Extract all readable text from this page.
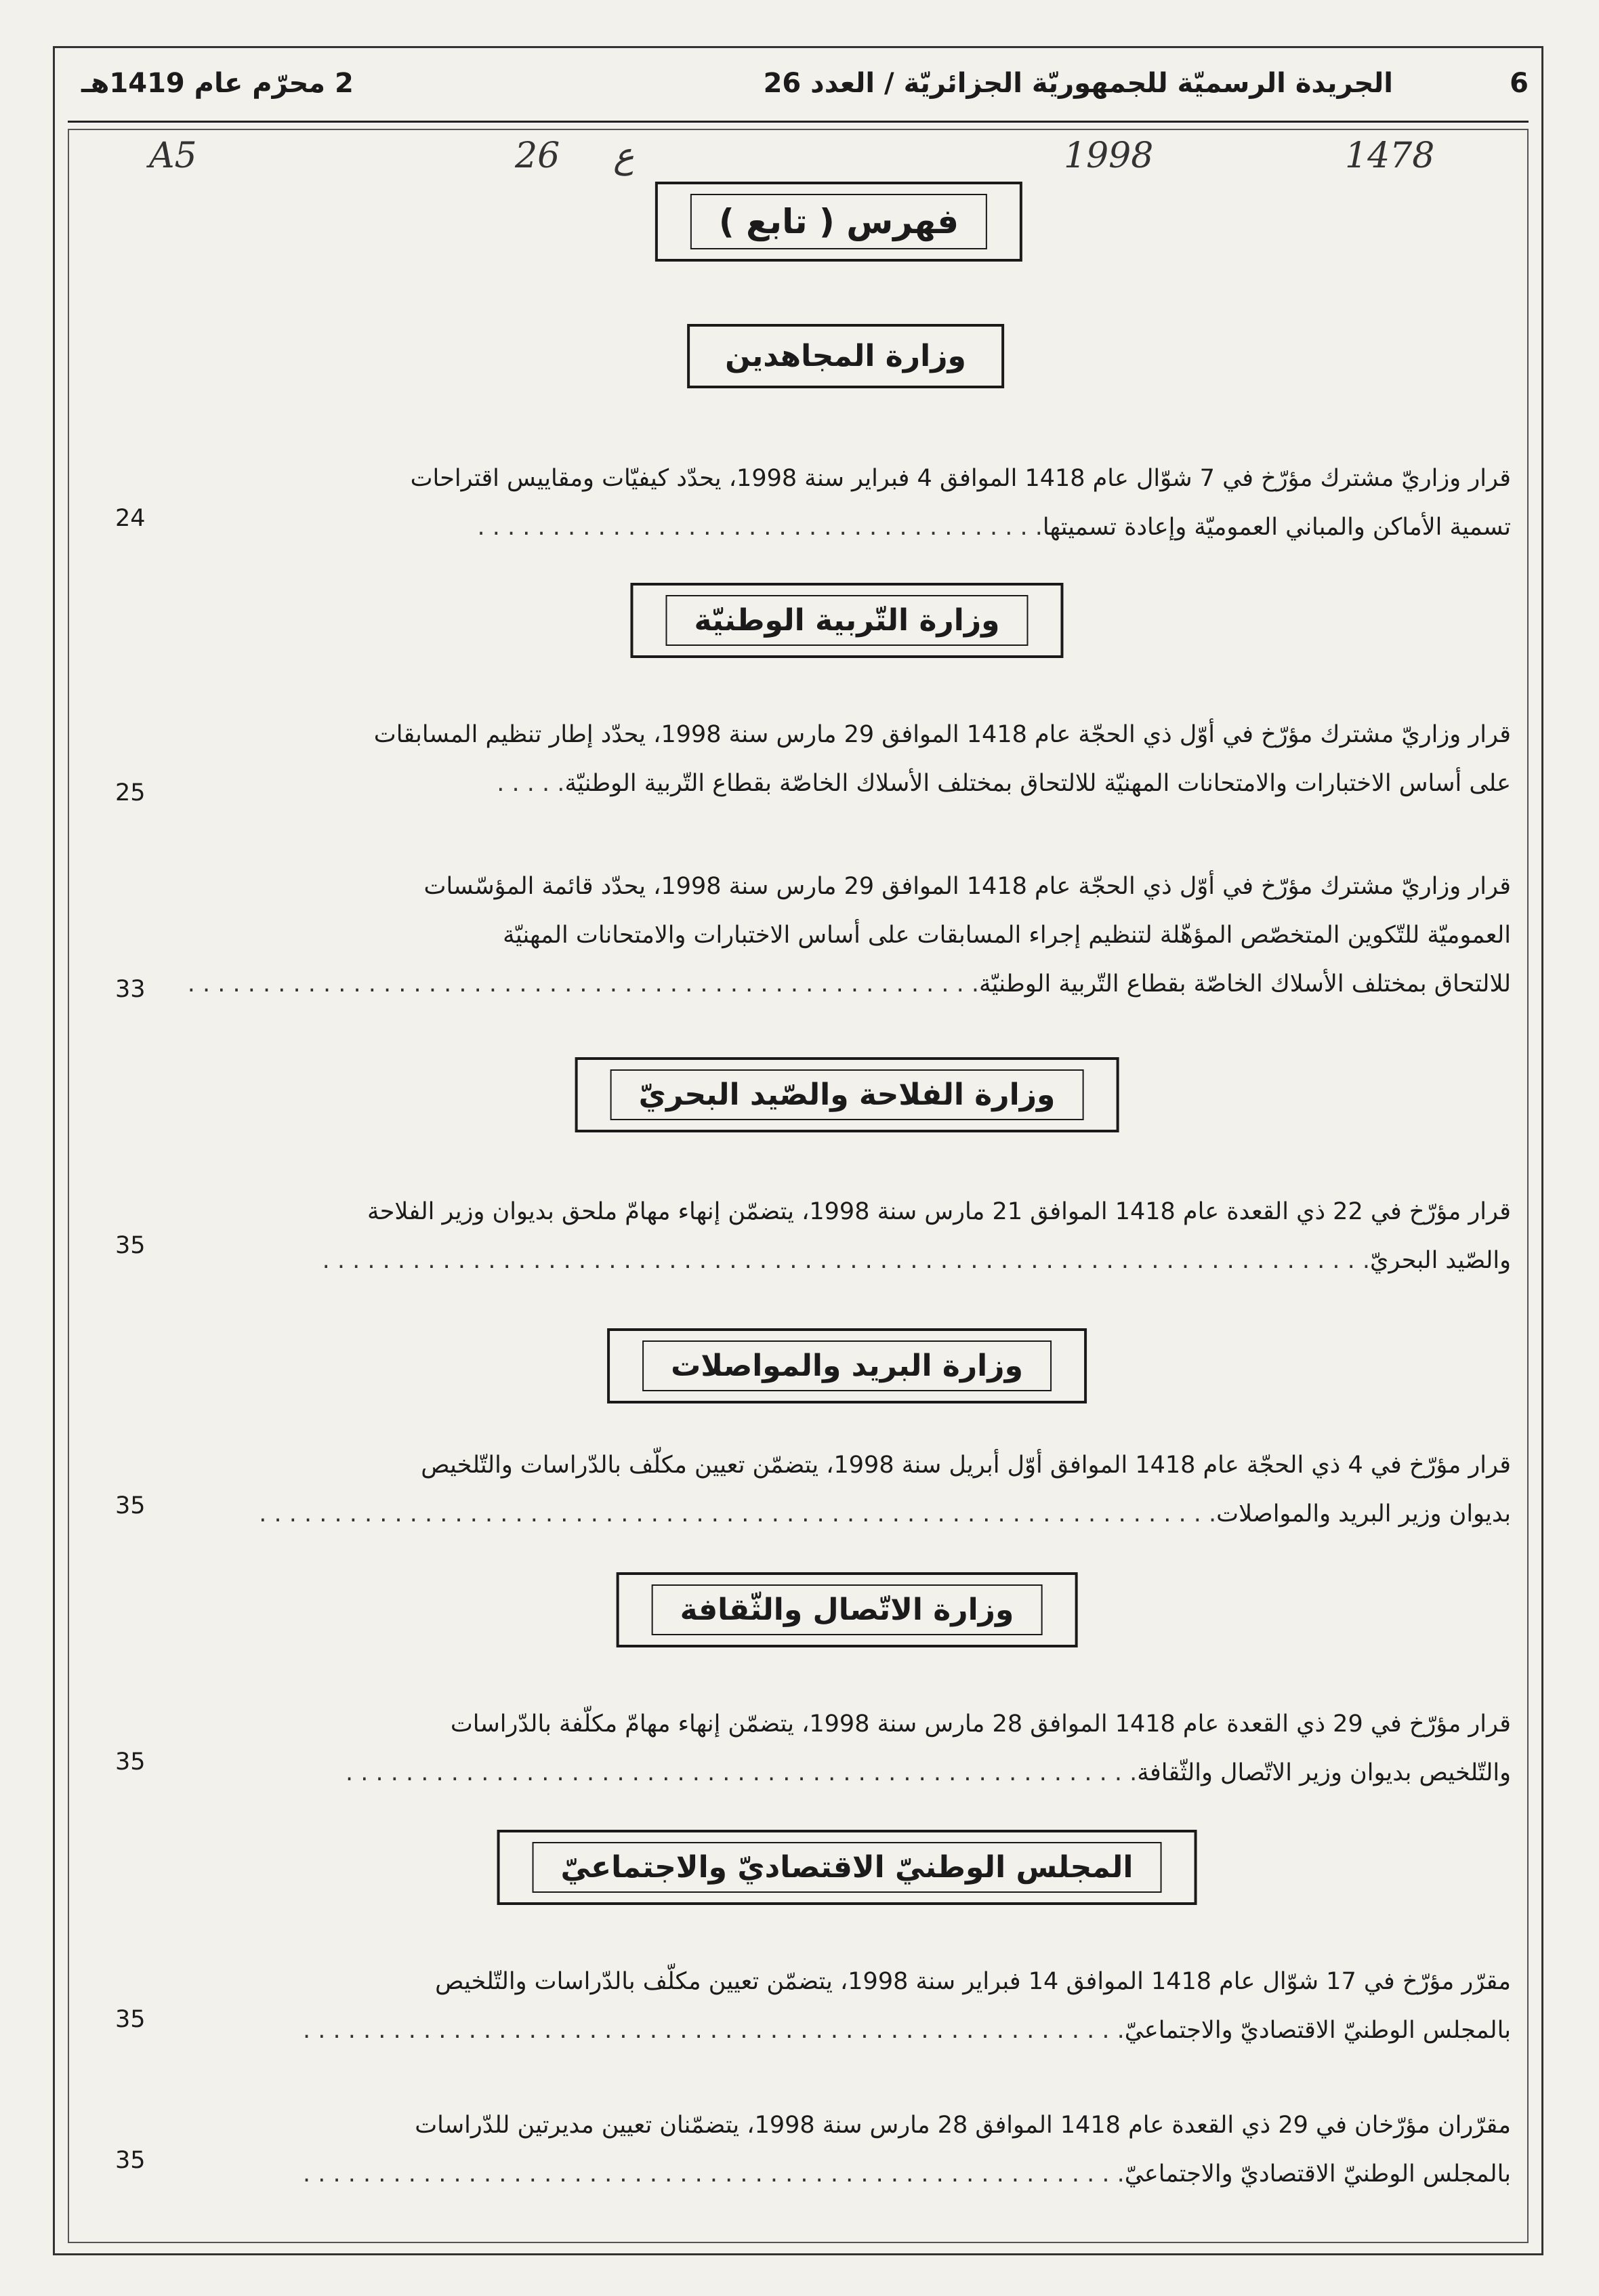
6
الجريدة الرسميّة للجمهوريّة الجزائريّة / العدد 26
2 محرّم عام 1419هـ
A5	26 ع	1998	1478
فهرس ( تابع )
وزارة المجاهدين
قرار وزاريّ مشترك مؤرّخ في 7 شوّال عام 1418 الموافق 4 فبراير سنة 1998، يحدّد كيفيّات ومقاييس اقتراحات
تسمية الأماكن والمباني العموميّة وإعادة تسميتها. . . . . . . . . . . . . . . . . . . . . . . . . . . . . . . . . . . . . .
24
وزارة التّربية الوطنيّة
قرار وزاريّ مشترك مؤرّخ في أوّل ذي الحجّة عام 1418 الموافق 29 مارس سنة 1998، يحدّد إطار تنظيم المسابقات
على أساس الاختبارات والامتحانات المهنيّة للالتحاق بمختلف الأسلاك الخاصّة بقطاع التّربية الوطنيّة. . . . .
25
قرار وزاريّ مشترك مؤرّخ في أوّل ذي الحجّة عام 1418 الموافق 29 مارس سنة 1998، يحدّد قائمة المؤسّسات
العموميّة للتّكوين المتخصّص المؤهّلة لتنظيم إجراء المسابقات على أساس الاختبارات والامتحانات المهنيّة
للالتحاق بمختلف الأسلاك الخاصّة بقطاع التّربية الوطنيّة. . . . . . . . . . . . . . . . . . . . . . . . . . . . . . . . . . . . . . . . . . . . . . . . . . . . .
33
وزارة الفلاحة والصّيد البحريّ
قرار مؤرّخ في 22 ذي القعدة عام 1418 الموافق 21 مارس سنة 1998، يتضمّن إنهاء مهامّ ملحق بديوان وزير الفلاحة
والصّيد البحريّ. . . . . . . . . . . . . . . . . . . . . . . . . . . . . . . . . . . . . . . . . . . . . . . . . . . . . . . . . . . . . . . . . . . . . .
35
وزارة البريد والمواصلات
قرار مؤرّخ في 4 ذي الحجّة عام 1418 الموافق أوّل أبريل سنة 1998، يتضمّن تعيين مكلّف بالدّراسات والتّلخيص
بديوان وزير البريد والمواصلات. . . . . . . . . . . . . . . . . . . . . . . . . . . . . . . . . . . . . . . . . . . . . . . . . . . . . . . . . . . . . . . .
35
وزارة الاتّصال والثّقافة
قرار مؤرّخ في 29 ذي القعدة عام 1418 الموافق 28 مارس سنة 1998، يتضمّن إنهاء مهامّ مكلّفة بالدّراسات
والتّلخيص بديوان وزير الاتّصال والثّقافة. . . . . . . . . . . . . . . . . . . . . . . . . . . . . . . . . . . . . . . . . . . . . . . . . . . . .
35
المجلس الوطنيّ الاقتصاديّ والاجتماعيّ
مقرّر مؤرّخ في 17 شوّال عام 1418 الموافق 14 فبراير سنة 1998، يتضمّن تعيين مكلّف بالدّراسات والتّلخيص
بالمجلس الوطنيّ الاقتصاديّ والاجتماعيّ. . . . . . . . . . . . . . . . . . . . . . . . . . . . . . . . . . . . . . . . . . . . . . . . . . . . . . .
35
مقرّران مؤرّخان في 29 ذي القعدة عام 1418 الموافق 28 مارس سنة 1998، يتضمّنان تعيين مديرتين للدّراسات
بالمجلس الوطنيّ الاقتصاديّ والاجتماعيّ. . . . . . . . . . . . . . . . . . . . . . . . . . . . . . . . . . . . . . . . . . . . . . . . . . . . . . .
35
